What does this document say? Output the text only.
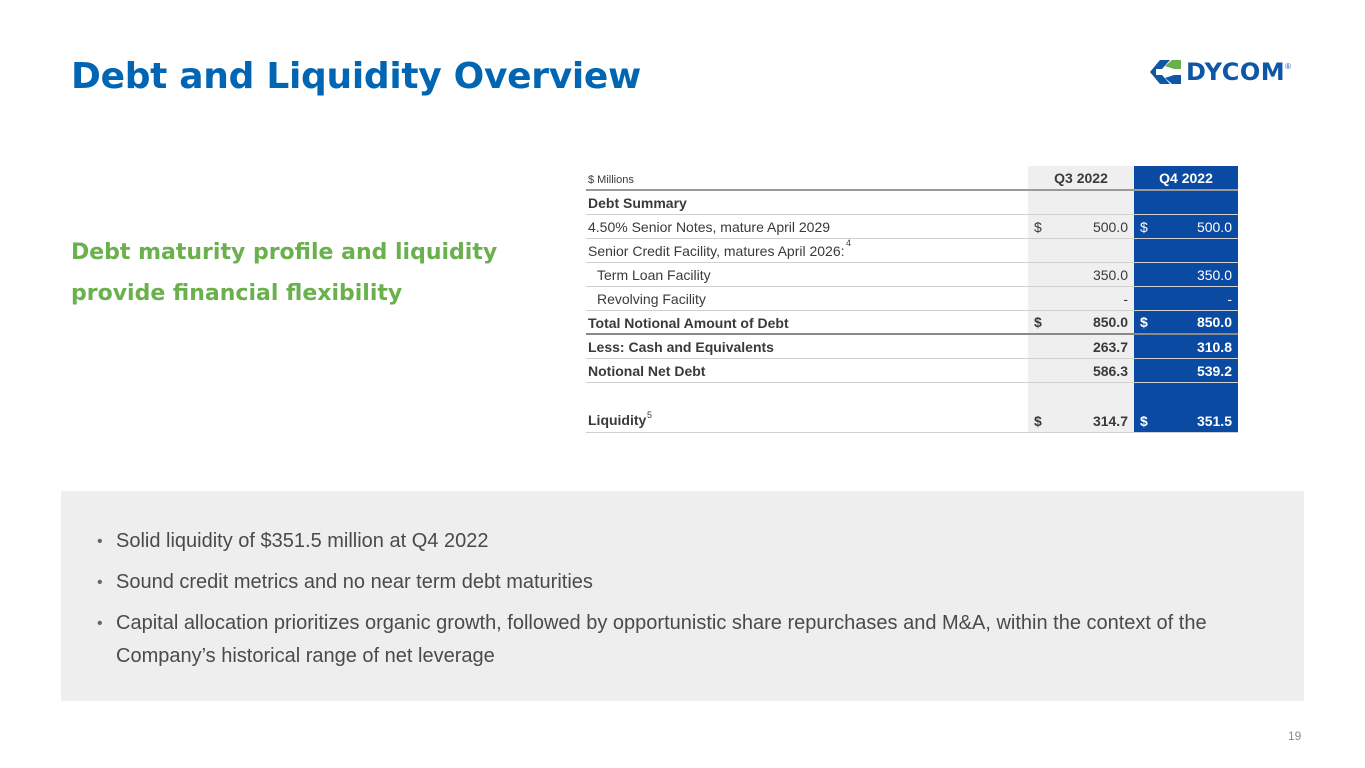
Debt and Liquidity Overview	DYCOM ®
Debt maturity profile and liquidity
provide financial flexibility
$ Millions	Q3 2022	Q4 2022
Debt Summary
4.50% Senior Notes, mature April 2029	$	500.0 $	500.0
Senior Credit Facility, matures April 2026: 4
Term Loan Facility	350.0	350.0
Revolving Facility	-	-
Total Notional Amount of Debt	$	850.0 $	850.0
Less: Cash and Equivalents	263.7	310.8
Notional Net Debt	586.3	539.2
Liquidity 5	$	314.7 $	351.5
• Solid liquidity of $351.5 million at Q4 2022
• Sound credit metrics and no near term debt maturities
• Capital allocation prioritizes organic growth, followed by opportunistic share repurchases and M&A, within the context of the Company’s historical range of net leverage
19
